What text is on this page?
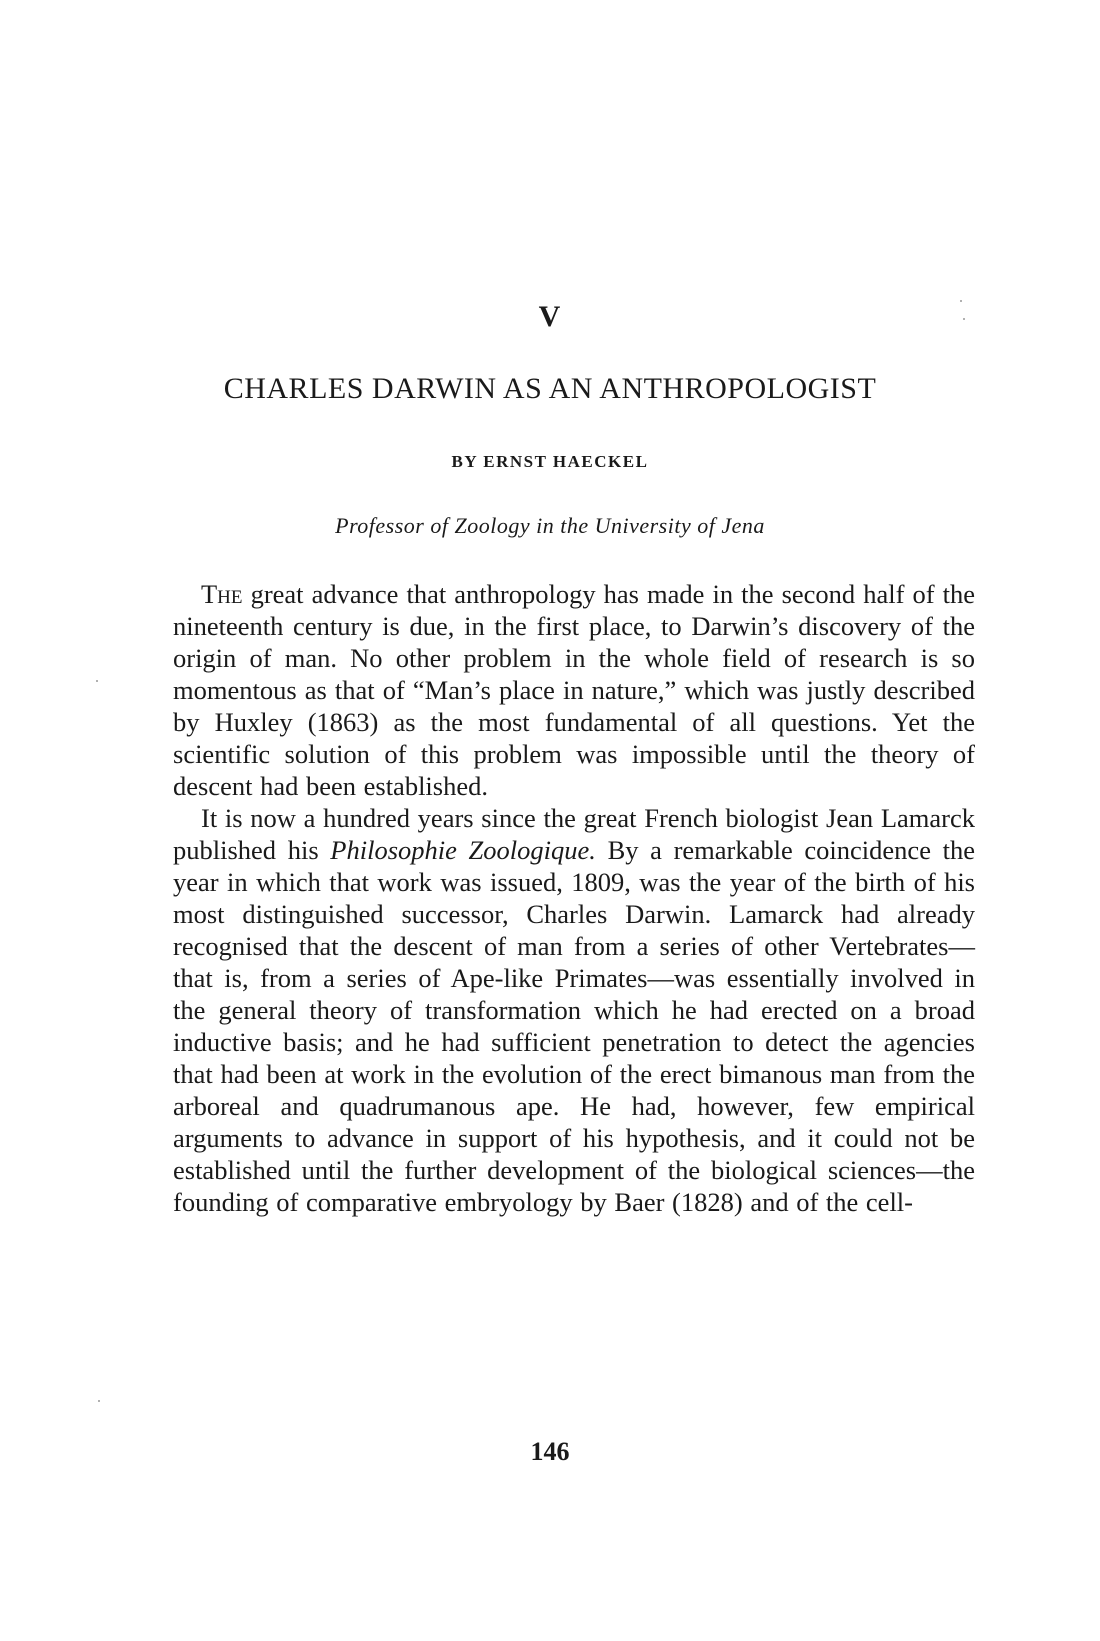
V
CHARLES DARWIN AS AN ANTHROPOLOGIST
BY ERNST HAECKEL
Professor of Zoology in the University of Jena

The great advance that anthropology has made in the second half of the nineteenth century is due, in the first place, to Darwin’s discovery of the origin of man. No other problem in the whole field of research is so momentous as that of “Man’s place in nature,” which was justly described by Huxley (1863) as the most fundamental of all questions. Yet the scientific solution of this problem was impossible until the theory of descent had been established.

It is now a hundred years since the great French biologist Jean Lamarck published his Philosophie Zoologique. By a remarkable coincidence the year in which that work was issued, 1809, was the year of the birth of his most distinguished successor, Charles Darwin. Lamarck had already recognised that the descent of man from a series of other Vertebrates—that is, from a series of Ape-like Primates—was essentially involved in the general theory of transformation which he had erected on a broad inductive basis; and he had sufficient penetration to detect the agencies that had been at work in the evolution of the erect bimanous man from the arboreal and quadrumanous ape. He had, however, few empirical arguments to advance in support of his hypothesis, and it could not be established until the further development of the biological sciences—the founding of comparative embryology by Baer (1828) and of the cell-

146
